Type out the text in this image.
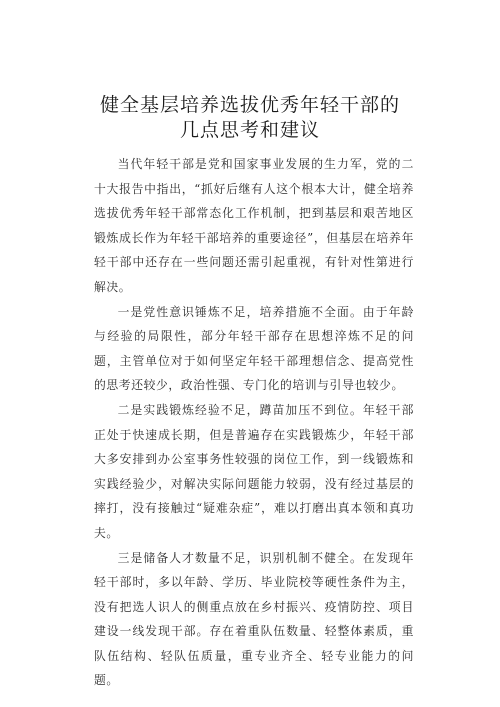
健全基层培养选拔优秀年轻干部的
几点思考和建议

当代年轻干部是党和国家事业发展的生力军，党的二十大报告中指出，“抓好后继有人这个根本大计，健全培养选拔优秀年轻干部常态化工作机制，把到基层和艰苦地区锻炼成长作为年轻干部培养的重要途径”，但基层在培养年轻干部中还存在一些问题还需引起重视，有针对性第进行解决。

一是党性意识锤炼不足，培养措施不全面。由于年龄与经验的局限性，部分年轻干部存在思想淬炼不足的问题，主管单位对于如何坚定年轻干部理想信念、提高党性的思考还较少，政治性强、专门化的培训与引导也较少。

二是实践锻炼经验不足，蹲苗加压不到位。年轻干部正处于快速成长期，但是普遍存在实践锻炼少，年轻干部大多安排到办公室事务性较强的岗位工作，到一线锻炼和实践经验少，对解决实际问题能力较弱，没有经过基层的摔打，没有接触过“疑难杂症”，难以打磨出真本领和真功夫。

三是储备人才数量不足，识别机制不健全。在发现年轻干部时，多以年龄、学历、毕业院校等硬性条件为主，没有把选人识人的侧重点放在乡村振兴、疫情防控、项目建设一线发现干部。存在着重队伍数量、轻整体素质，重队伍结构、轻队伍质量，重专业齐全、轻专业能力的问题。
